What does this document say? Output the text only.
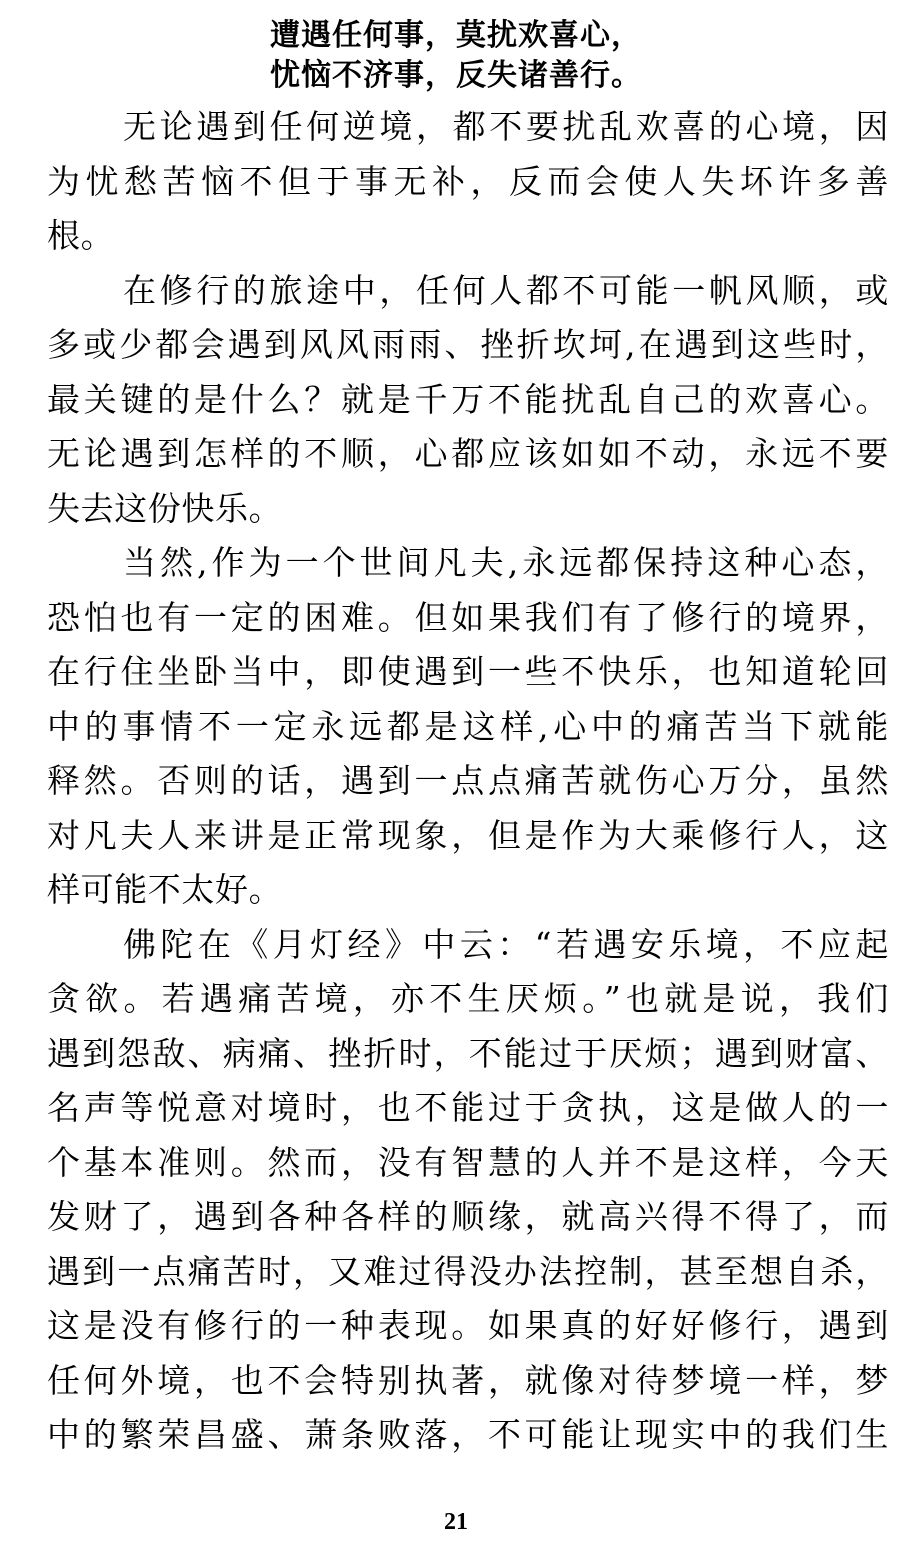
遭遇任何事，莫扰欢喜心，
忧恼不济事，反失诸善行。
无论遇到任何逆境，都不要扰乱欢喜的心境，因
为忧愁苦恼不但于事无补，反而会使人失坏许多善
根。
在修行的旅途中，任何人都不可能一帆风顺，或
多或少都会遇到风风雨雨、挫折坎坷,在遇到这些时，
最关键的是什么？就是千万不能扰乱自己的欢喜心。
无论遇到怎样的不顺，心都应该如如不动，永远不要
失去这份快乐。
当然,作为一个世间凡夫,永远都保持这种心态，
恐怕也有一定的困难。但如果我们有了修行的境界，
在行住坐卧当中，即使遇到一些不快乐，也知道轮回
中的事情不一定永远都是这样,心中的痛苦当下就能
释然。否则的话，遇到一点点痛苦就伤心万分，虽然
对凡夫人来讲是正常现象，但是作为大乘修行人，这
样可能不太好。
佛陀在《月灯经》中云：“若遇安乐境，不应起
贪欲。若遇痛苦境，亦不生厌烦。”也就是说，我们
遇到怨敌、病痛、挫折时，不能过于厌烦；遇到财富、
名声等悦意对境时，也不能过于贪执，这是做人的一
个基本准则。然而，没有智慧的人并不是这样，今天
发财了，遇到各种各样的顺缘，就高兴得不得了，而
遇到一点痛苦时，又难过得没办法控制，甚至想自杀，
这是没有修行的一种表现。如果真的好好修行，遇到
任何外境，也不会特别执著，就像对待梦境一样，梦
中的繁荣昌盛、萧条败落，不可能让现实中的我们生
21
